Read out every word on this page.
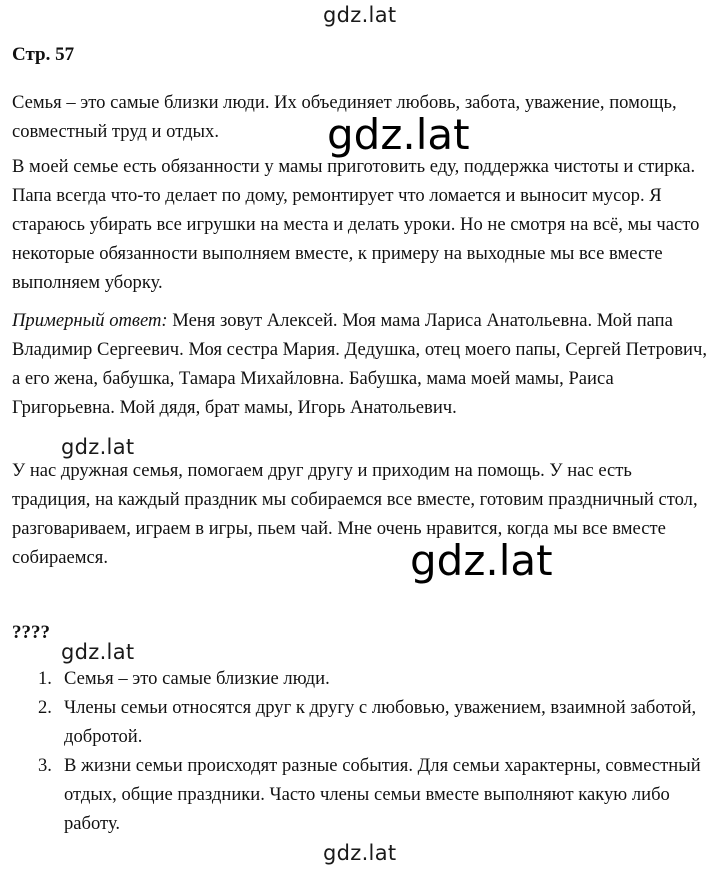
Стр. 57

Семья – это самые близки люди. Их объединяет любовь, забота, уважение, помощь, совместный труд и отдых.

В моей семье есть обязанности у мамы приготовить еду, поддержка чистоты и стирка. Папа всегда что-то делает по дому, ремонтирует что ломается и выносит мусор. Я стараюсь убирать все игрушки на места и делать уроки. Но не смотря на всё, мы часто некоторые обязанности выполняем вместе, к примеру на выходные мы все вместе выполняем уборку.

Примерный ответ: Меня зовут Алексей. Моя мама Лариса Анатольевна. Мой папа Владимир Сергеевич. Моя сестра Мария. Дедушка, отец моего папы, Сергей Петрович, а его жена, бабушка, Тамара Михайловна. Бабушка, мама моей мамы, Раиса Григорьевна. Мой дядя, брат мамы, Игорь Анатольевич.

У нас дружная семья, помогаем друг другу и приходим на помощь. У нас есть традиция, на каждый праздник мы собираемся все вместе, готовим праздничный стол, разговариваем, играем в игры, пьем чай. Мне очень нравится, когда мы все вместе собираемся.

????
1. Семья – это самые близкие люди.
2. Члены семьи относятся друг к другу с любовью, уважением, взаимной заботой, добротой.
3. В жизни семьи происходят разные события. Для семьи характерны, совместный отдых, общие праздники. Часто члены семьи вместе выполняют какую либо работу.
gdz.lat
gdz.lat
gdz.lat
gdz.lat
gdz.lat
gdz.lat
